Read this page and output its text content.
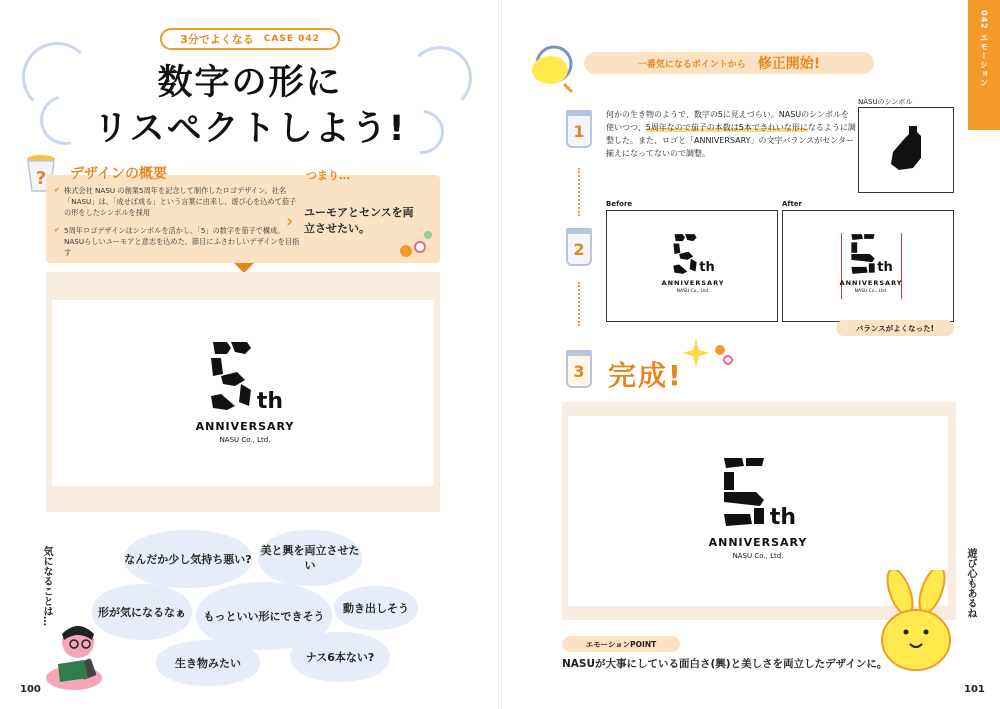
3分でよくなる CASE 042
数字の形に
リスペクトしよう!
? デザインの概要
✔ 株式会社 NASU の創業5周年を記念して制作したロゴデザイン。社名「NASU」は、「成せば成る」という言葉に由来し、遊び心を込めて茄子の形をしたシンボルを採用
✔ 5周年ロゴデザインはシンボルを活かし、「5」の数字を茄子で構成。NASUらしいユーモアと意志を込めた、節目にふさわしいデザインを目指す
つまり…
› ユーモアとセンスを両立させたい。
th
ANNIVERSARY
NASU Co., Ltd.
なんだか少し気持ち悪い?
美と興を両立させたい
形が気になるなぁ	もっといい形にできそう
動き出しそう
生き物みたい	ナス6本ない?
気になることは…
100
042 エモーション
一番気になるポイントから 修正開始!
1
2
3
何かの生き物のようで、数字の5に見えづらい。NASUのシンボルを使いつつ、5周年なので茄子の本数は5本できれいな形になるように調整した。また、ロゴと「ANNIVERSARY」の文字バランスがセンター揃えになってないので調整。
NASUのシンボル
Before
th
ANNIVERSARY
NASU Co., Ltd.
After
th
ANNIVERSARY
NASU Co., Ltd.
バランスがよくなった!
完成!
th
ANNIVERSARY
NASU Co., Ltd.
エモーションPOINT
NASUが大事にしている面白さ(興)と美しさを両立したデザインに。
遊び心もあるね
101
